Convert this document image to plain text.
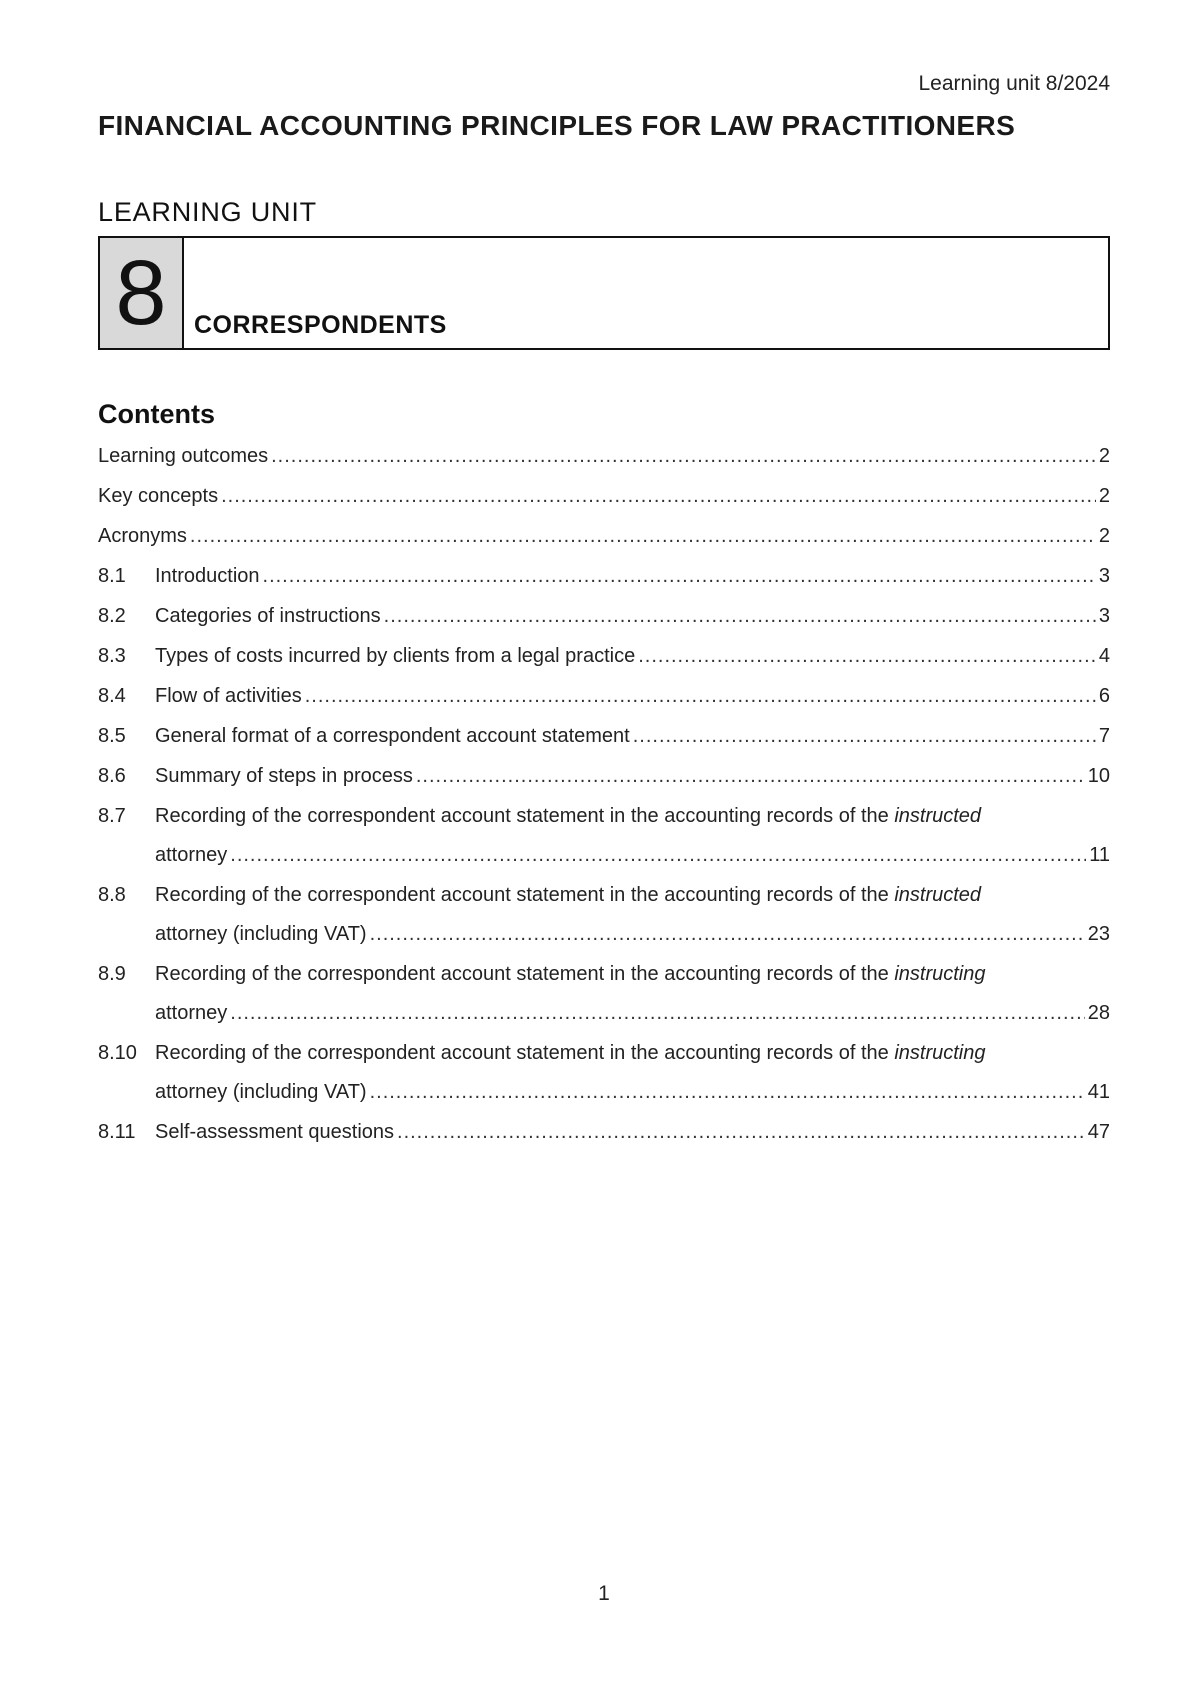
Learning unit 8/2024
FINANCIAL ACCOUNTING PRINCIPLES FOR LAW PRACTITIONERS
LEARNING UNIT
8	CORRESPONDENTS
Contents
Learning outcomes .....	2
Key concepts .....	2
Acronyms .....	2
8.1	Introduction .....	3
8.2	Categories of instructions .....	3
8.3	Types of costs incurred by clients from a legal practice .....	4
8.4	Flow of activities .....	6
8.5	General format of a correspondent account statement .....	7
8.6	Summary of steps in process .....	10
8.7	Recording of the correspondent account statement in the accounting records of the instructed
attorney .....	11
8.8	Recording of the correspondent account statement in the accounting records of the instructed
attorney (including VAT) .....	23
8.9	Recording of the correspondent account statement in the accounting records of the instructing
attorney .....	28
8.10 Recording of the correspondent account statement in the accounting records of the instructing
attorney (including VAT) .....	41
8.11 Self-assessment questions .....	47
1
